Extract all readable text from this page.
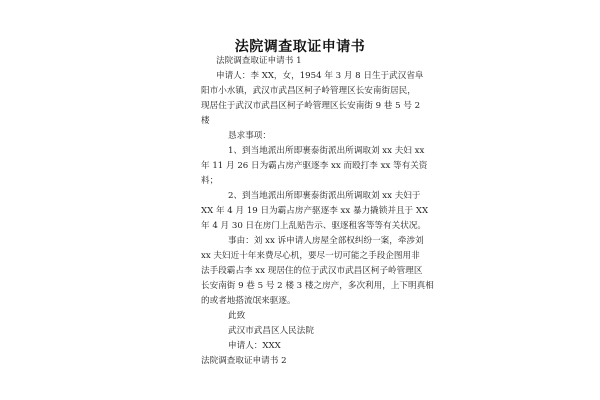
法院调查取证申请书
法院调查取证申请书 1
申请人：李 XX，女，1954 年 3 月 8 日生于武汉省阜
阳市小水镇，武汉市武昌区柯子岭管理区长安南街居民，
现居住于武汉市武昌区柯子岭管理区长安南街 9 巷 5 号 2
楼
恳求事项：
1、到当地派出所即裹泰街派出所调取刘 xx 夫妇 xx
年 11 月 26 日为霸占房产驱逐李 xx 而殴打李 xx 等有关资
料；
2、到当地派出所即裹泰街派出所调取刘 xx 夫妇于
XX 年 4 月 19 日为霸占房产驱逐李 xx 暴力撬锁并且于 XX
年 4 月 30 日在房门上乱贴告示、驱逐租客等等有关状况。
事由：刘 xx 诉申请人房屋全部权纠纷一案，牵涉刘
xx 夫妇近十年来费尽心机，要尽一切可能之手段企图用非
法手段霸占李 xx 现居住的位于武汉市武昌区柯子岭管理区
长安南街 9 巷 5 号 2 楼 3 楼之房产，多次利用，上下明真相
的或者地搭流氓来驱逐。
此致
武汉市武昌区人民法院
申请人：XXX
法院调查取证申请书 2
